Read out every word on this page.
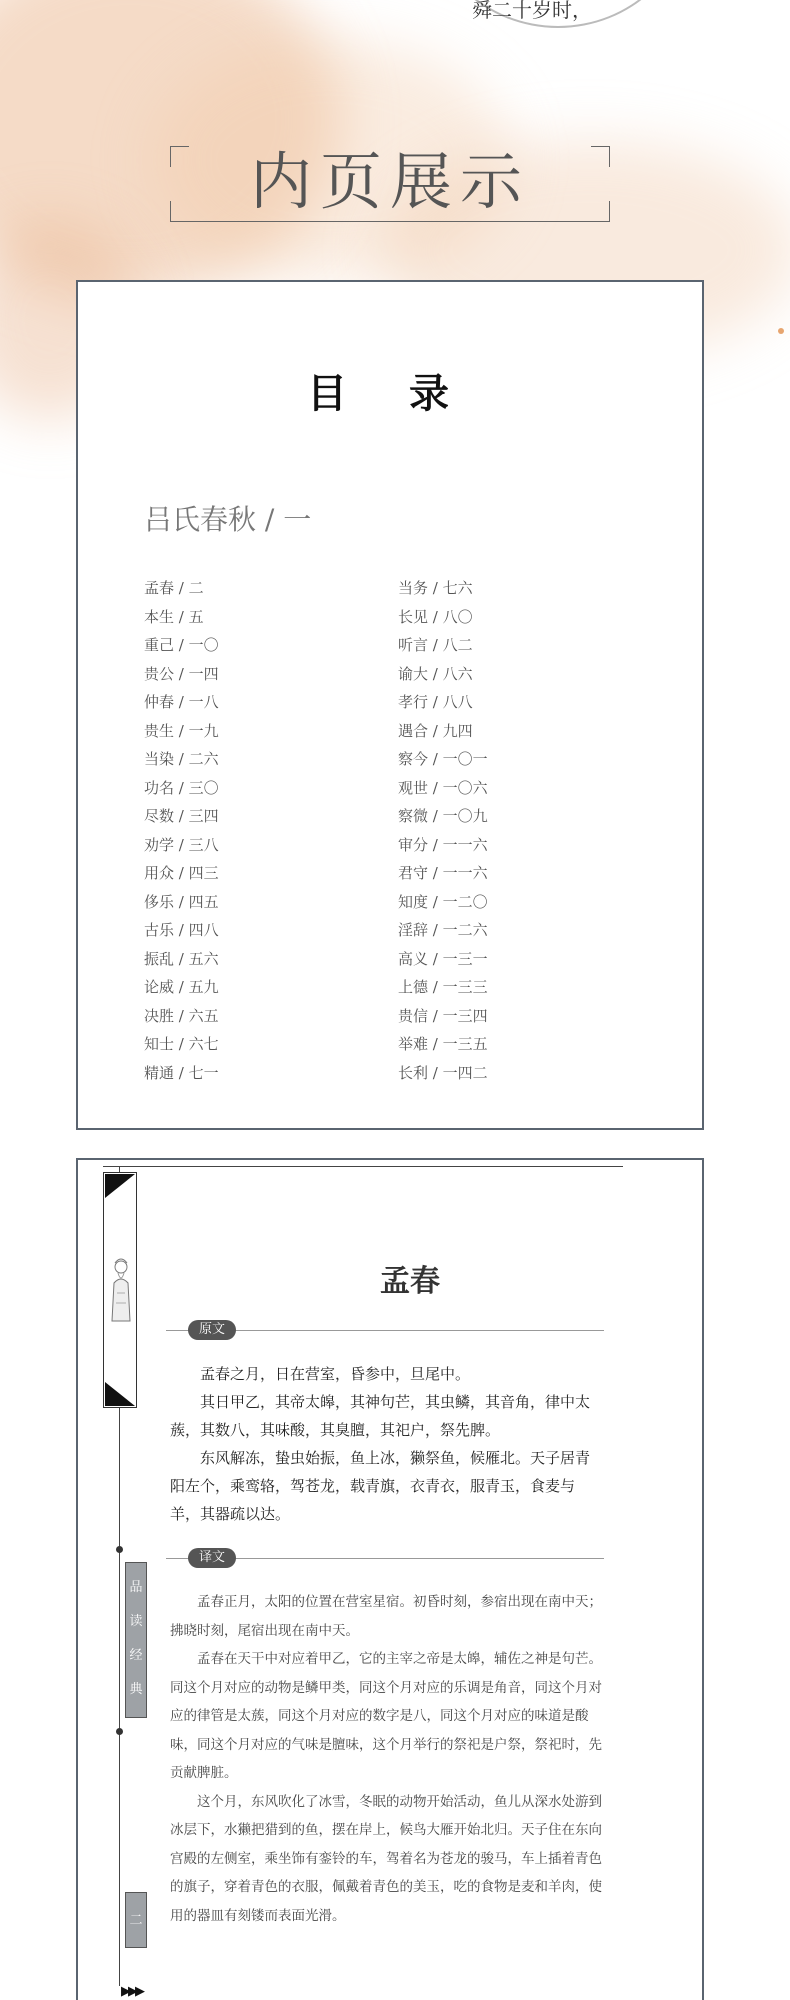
舜二十岁时，
内页展示
目 录
吕氏春秋 / 一
孟春 / 二
本生 / 五
重己 / 一〇
贵公 / 一四
仲春 / 一八
贵生 / 一九
当染 / 二六
功名 / 三〇
尽数 / 三四
劝学 / 三八
用众 / 四三
侈乐 / 四五
古乐 / 四八
振乱 / 五六
论威 / 五九
决胜 / 六五
知士 / 六七
精通 / 七一
当务 / 七六
长见 / 八〇
听言 / 八二
谕大 / 八六
孝行 / 八八
遇合 / 九四
察今 / 一〇一
观世 / 一〇六
察微 / 一〇九
审分 / 一一六
君守 / 一一六
知度 / 一二〇
淫辞 / 一二六
高义 / 一三一
上德 / 一三三
贵信 / 一三四
举难 / 一三五
长利 / 一四二
品
读
经
典
二
▶▶▶
孟春
原文

孟春之月，日在营室，昏参中，旦尾中。

其日甲乙，其帝太皞，其神句芒，其虫鳞，其音角，律中太蔟，其数八，其味酸，其臭膻，其祀户，祭先脾。

东风解冻，蛰虫始振，鱼上冰，獭祭鱼，候雁北。天子居青阳左个，乘鸾辂，驾苍龙，载青旗，衣青衣，服青玉，食麦与羊，其器疏以达。

译文

孟春正月，太阳的位置在营室星宿。初昏时刻，参宿出现在南中天；拂晓时刻，尾宿出现在南中天。

孟春在天干中对应着甲乙，它的主宰之帝是太皞，辅佐之神是句芒。同这个月对应的动物是鳞甲类，同这个月对应的乐调是角音，同这个月对应的律管是太蔟，同这个月对应的数字是八，同这个月对应的味道是酸味，同这个月对应的气味是膻味，这个月举行的祭祀是户祭，祭祀时，先贡献脾脏。

这个月，东风吹化了冰雪，冬眠的动物开始活动，鱼儿从深水处游到冰层下，水獭把猎到的鱼，摆在岸上，候鸟大雁开始北归。天子住在东向宫殿的左侧室，乘坐饰有銮铃的车，驾着名为苍龙的骏马，车上插着青色的旗子，穿着青色的衣服，佩戴着青色的美玉，吃的食物是麦和羊肉，使用的器皿有刻镂而表面光滑。
